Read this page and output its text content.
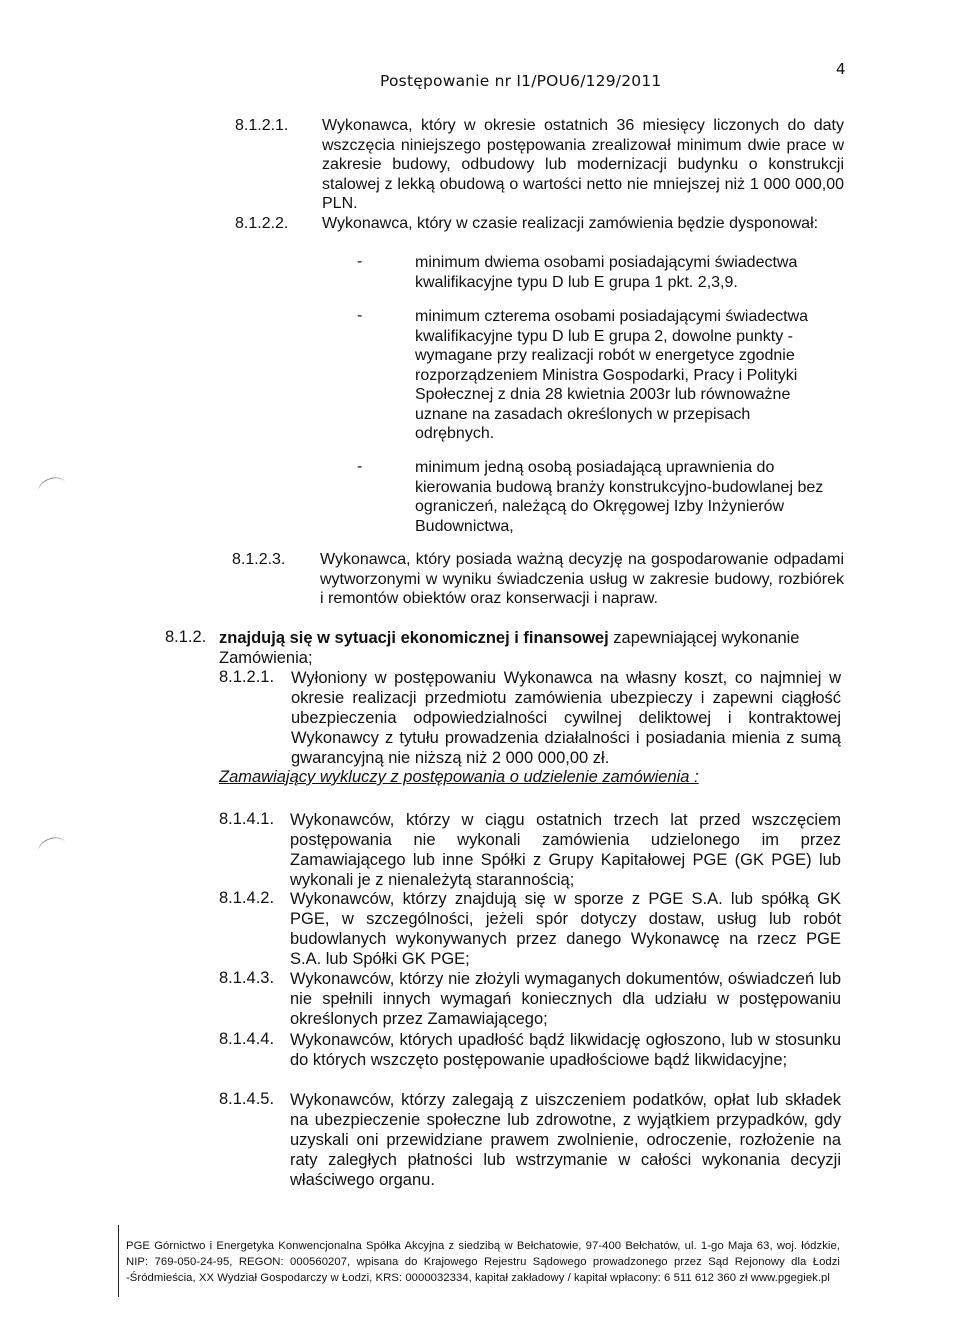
Postępowanie nr I1/POU6/129/2011
4
8.1.2.1. Wykonawca, który w okresie ostatnich 36 miesięcy liczonych do daty wszczęcia niniejszego postępowania zrealizował minimum dwie prace w zakresie budowy, odbudowy lub modernizacji budynku o konstrukcji stalowej z lekką obudową o wartości netto nie mniejszej niż 1 000 000,00 PLN.
8.1.2.2. Wykonawca, który w czasie realizacji zamówienia będzie dysponował:
-	minimum dwiema osobami posiadającymi świadectwa kwalifikacyjne typu D lub E grupa 1 pkt. 2,3,9.
-	minimum czterema osobami posiadającymi świadectwa kwalifikacyjne typu D lub E grupa 2, dowolne punkty - wymagane przy realizacji robót w energetyce zgodnie rozporządzeniem Ministra Gospodarki, Pracy i Polityki Społecznej z dnia 28 kwietnia 2003r lub równoważne uznane na zasadach określonych w przepisach odrębnych.
-	minimum jedną osobą posiadającą uprawnienia do kierowania budową branży konstrukcyjno-budowlanej bez ograniczeń, należącą do Okręgowej Izby Inżynierów Budownictwa,
8.1.2.3. Wykonawca, który posiada ważną decyzję na gospodarowanie odpadami wytworzonymi w wyniku świadczenia usług w zakresie budowy, rozbiórek i remontów obiektów oraz konserwacji i napraw.
8.1.2. znajdują się w sytuacji ekonomicznej i finansowej zapewniającej wykonanie Zamówienia;
8.1.2.1. Wyłoniony w postępowaniu Wykonawca na własny koszt, co najmniej w okresie realizacji przedmiotu zamówienia ubezpieczy i zapewni ciągłość ubezpieczenia odpowiedzialności cywilnej deliktowej i kontraktowej Wykonawcy z tytułu prowadzenia działalności i posiadania mienia z sumą gwarancyjną nie niższą niż 2 000 000,00 zł.
Zamawiający wykluczy z postępowania o udzielenie zamówienia :
8.1.4.1. Wykonawców, którzy w ciągu ostatnich trzech lat przed wszczęciem postępowania nie wykonali zamówienia udzielonego im przez Zamawiającego lub inne Spółki z Grupy Kapitałowej PGE (GK PGE) lub wykonali je z nienależytą starannością;
8.1.4.2. Wykonawców, którzy znajdują się w sporze z PGE S.A. lub spółką GK PGE, w szczególności, jeżeli spór dotyczy dostaw, usług lub robót budowlanych wykonywanych przez danego Wykonawcę na rzecz PGE S.A. lub Spółki GK PGE;
8.1.4.3. Wykonawców, którzy nie złożyli wymaganych dokumentów, oświadczeń lub nie spełnili innych wymagań koniecznych dla udziału w postępowaniu określonych przez Zamawiającego;
8.1.4.4. Wykonawców, których upadłość bądź likwidację ogłoszono, lub w stosunku do których wszczęto postępowanie upadłościowe bądź likwidacyjne;
8.1.4.5. Wykonawców, którzy zalegają z uiszczeniem podatków, opłat lub składek na ubezpieczenie społeczne lub zdrowotne, z wyjątkiem przypadków, gdy uzyskali oni przewidziane prawem zwolnienie, odroczenie, rozłożenie na raty zaległych płatności lub wstrzymanie w całości wykonania decyzji właściwego organu.
PGE Górnictwo i Energetyka Konwencjonalna Spółka Akcyjna z siedzibą w Bełchatowie, 97-400 Bełchatów, ul. 1-go Maja 63, woj. łódzkie, NIP: 769-050-24-95, REGON: 000560207, wpisana do Krajowego Rejestru Sądowego prowadzonego przez Sąd Rejonowy dla Łodzi -Śródmieścia, XX Wydział Gospodarczy w Łodzi, KRS: 0000032334, kapitał zakładowy / kapitał wpłacony: 6 511 612 360 zł www.pgegiek.pl
